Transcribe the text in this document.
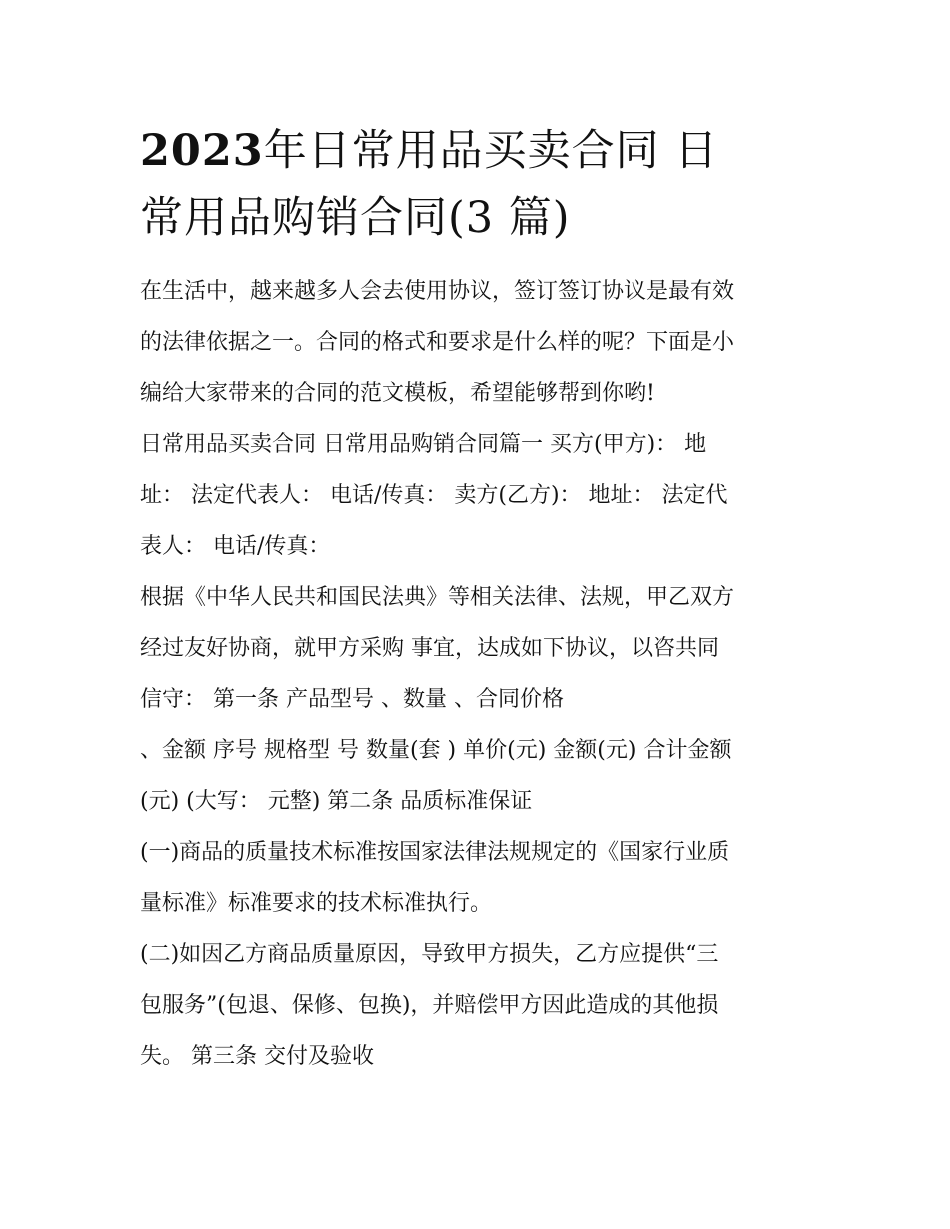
2023年日常用品买卖合同 日
常用品购销合同(3 篇)

在生活中，越来越多人会去使用协议，签订签订协议是最有效
的法律依据之一。合同的格式和要求是什么样的呢？下面是小
编给大家带来的合同的范文模板，希望能够帮到你哟!

日常用品买卖合同 日常用品购销合同篇一 买方(甲方)： 地
址： 法定代表人： 电话/传真： 卖方(乙方)： 地址： 法定代
表人： 电话/传真：

根据《中华人民共和国民法典》等相关法律、法规，甲乙双方
经过友好协商，就甲方采购 事宜，达成如下协议，以咨共同
信守： 第一条 产品型号 、数量 、合同价格

、金额 序号 规格型 号 数量(套 ) 单价(元) 金额(元) 合计金额
(元) (大写： 元整) 第二条 品质标准保证

(一)商品的质量技术标准按国家法律法规规定的《国家行业质
量标准》标准要求的技术标准执行。

(二)如因乙方商品质量原因，导致甲方损失，乙方应提供“三
包服务”(包退、保修、包换)，并赔偿甲方因此造成的其他损
失。 第三条 交付及验收
